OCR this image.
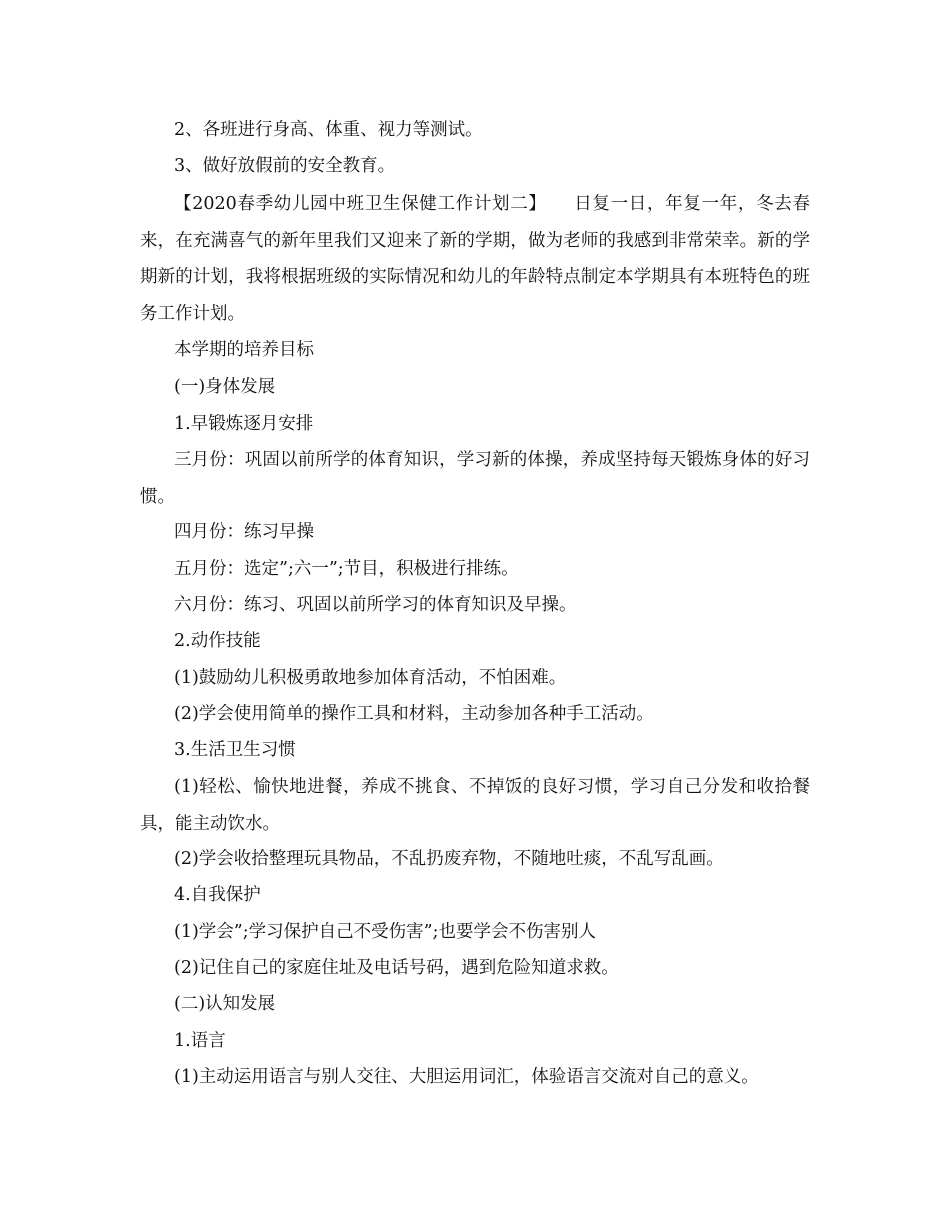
2、各班进行身高、体重、视力等测试。

3、做好放假前的安全教育。

【2020春季幼儿园中班卫生保健工作计划二】　　日复一日，年复一年，冬去春来，在充满喜气的新年里我们又迎来了新的学期，做为老师的我感到非常荣幸。新的学期新的计划，我将根据班级的实际情况和幼儿的年龄特点制定本学期具有本班特色的班务工作计划。

本学期的培养目标

(一)身体发展

1.早锻炼逐月安排

三月份：巩固以前所学的体育知识，学习新的体操，养成坚持每天锻炼身体的好习惯。

四月份：练习早操

五月份：选定”;六一”;节目，积极进行排练。

六月份：练习、巩固以前所学习的体育知识及早操。

2.动作技能

(1)鼓励幼儿积极勇敢地参加体育活动，不怕困难。

(2)学会使用简单的操作工具和材料，主动参加各种手工活动。

3.生活卫生习惯

(1)轻松、愉快地进餐，养成不挑食、不掉饭的良好习惯，学习自己分发和收拾餐具，能主动饮水。

(2)学会收拾整理玩具物品，不乱扔废弃物，不随地吐痰，不乱写乱画。

4.自我保护

(1)学会”;学习保护自己不受伤害”;也要学会不伤害别人

(2)记住自己的家庭住址及电话号码，遇到危险知道求救。

(二)认知发展

1.语言

(1)主动运用语言与别人交往、大胆运用词汇，体验语言交流对自己的意义。
